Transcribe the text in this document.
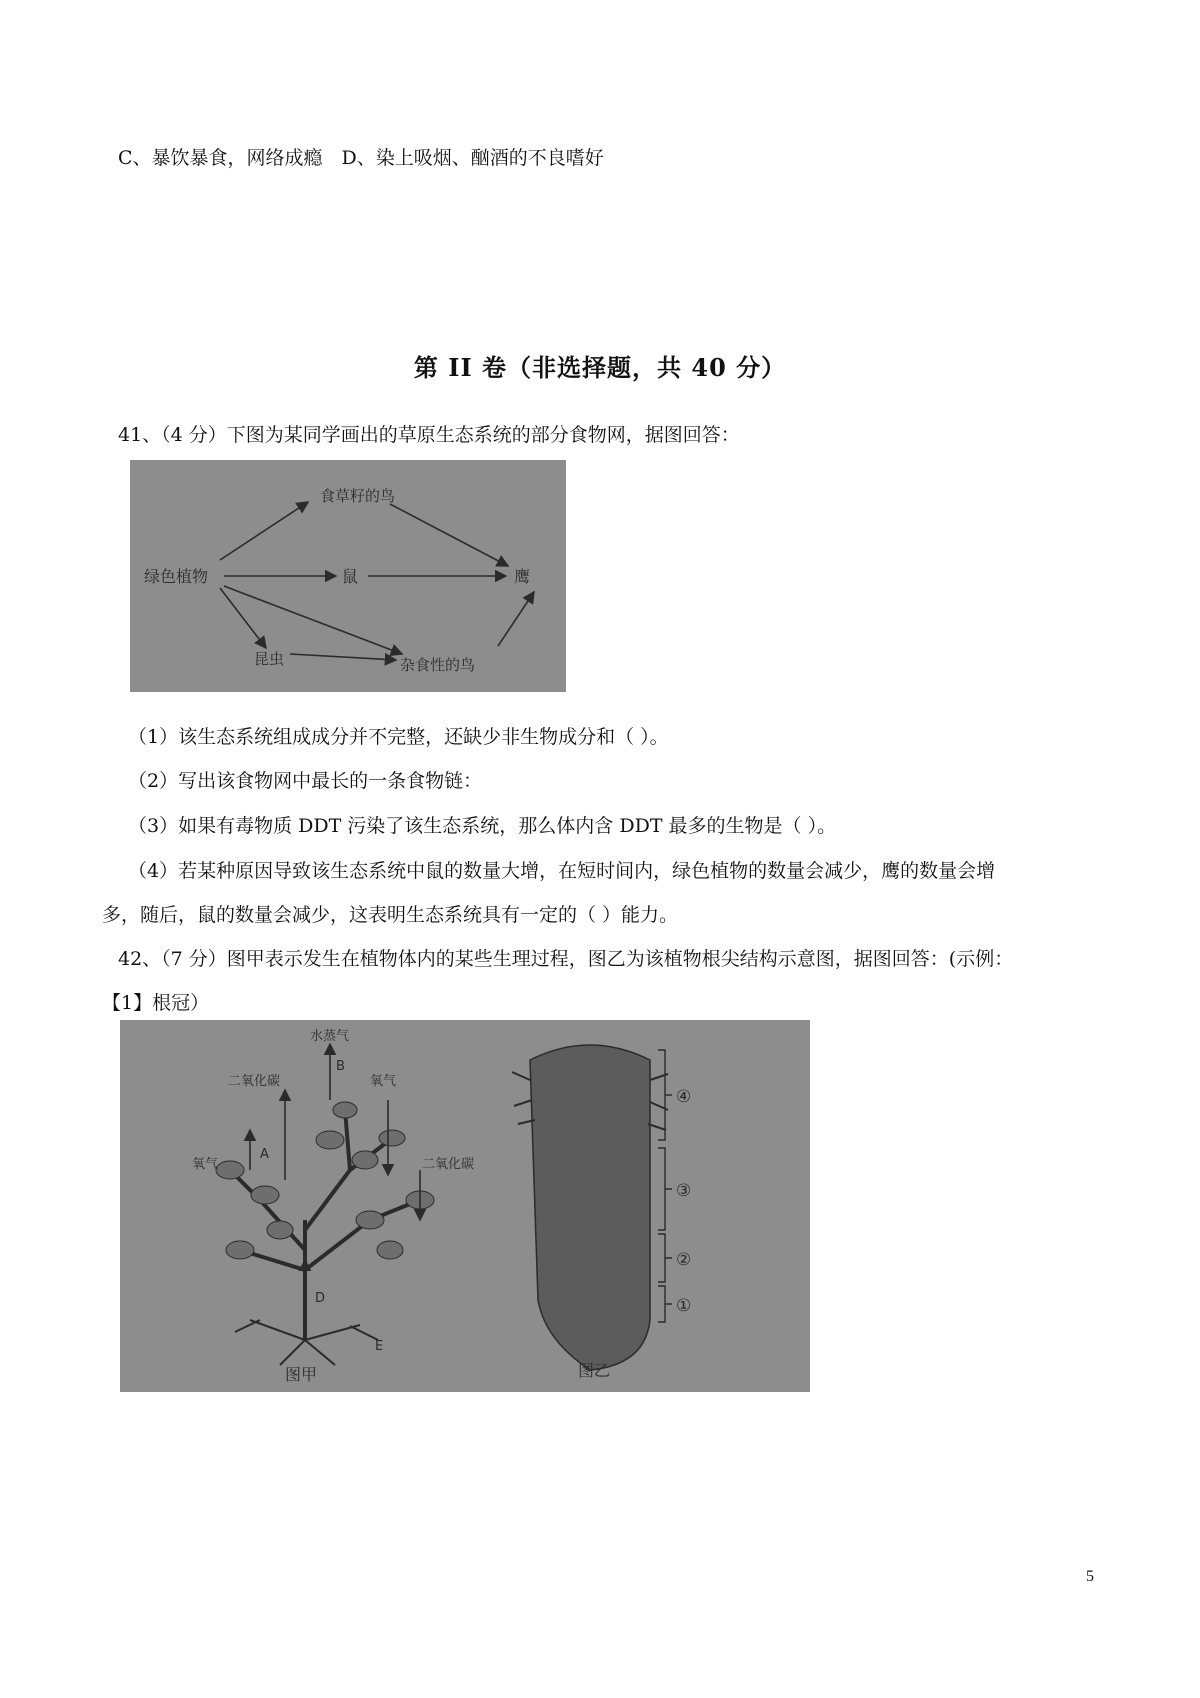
C、暴饮暴食，网络成瘾　D、染上吸烟、酗酒的不良嗜好
第 II 卷（非选择题，共 40 分）
41、（4 分）下图为某同学画出的草原生态系统的部分食物网，据图回答：
食草籽的鸟
绿色植物	鼠	鹰
昆虫	杂食性的鸟
（1）该生态系统组成成分并不完整，还缺少非生物成分和（ ）。
（2）写出该食物网中最长的一条食物链：
（3）如果有毒物质 DDT 污染了该生态系统，那么体内含 DDT 最多的生物是（ ）。
（4）若某种原因导致该生态系统中鼠的数量大增，在短时间内，绿色植物的数量会减少，鹰的数量会增
多，随后，鼠的数量会减少，这表明生态系统具有一定的（ ）能力。
42、（7 分）图甲表示发生在植物体内的某些生理过程，图乙为该植物根尖结构示意图，据图回答：(示例：
【1】根冠）
水蒸气
二氧化碳	氧气
氧气	二氧化碳
A
B
D
E
图甲
④
③
②
①
图乙
5
